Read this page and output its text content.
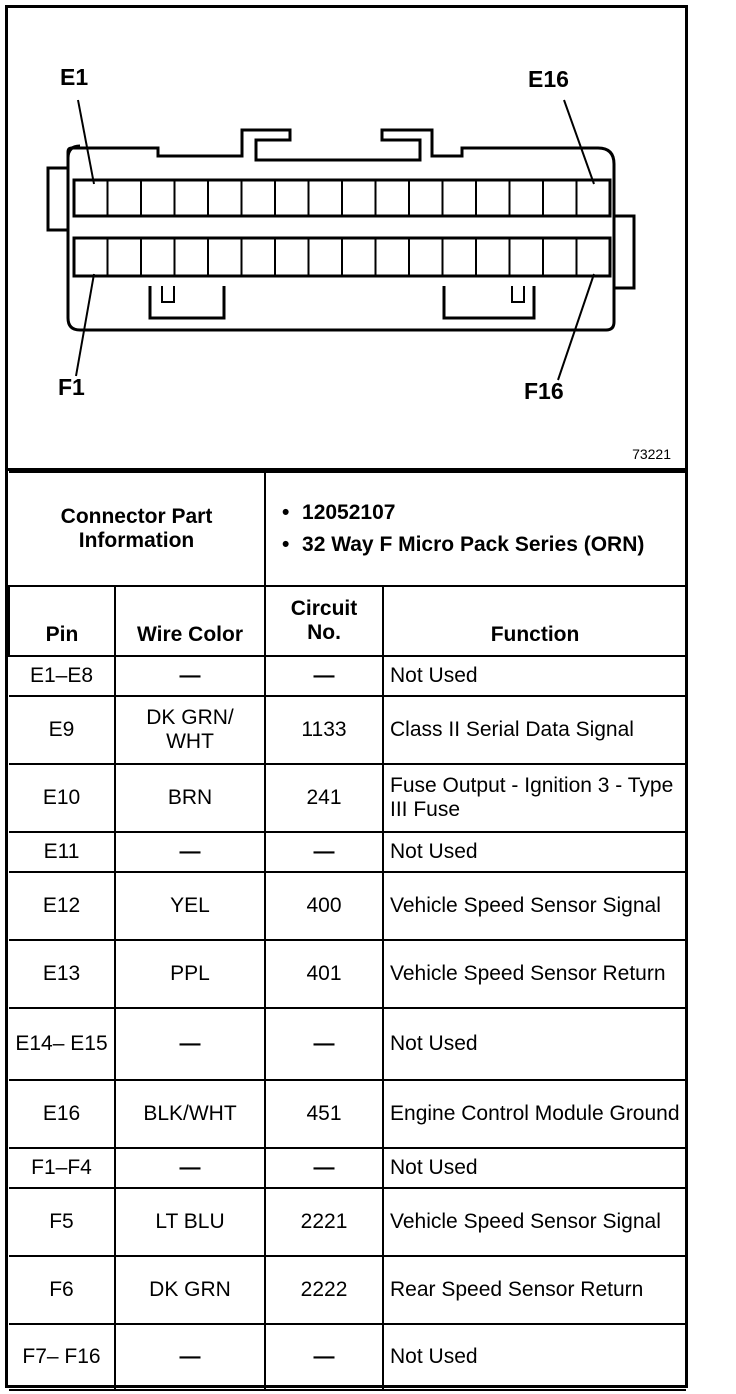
E1	E16
F1	F16
73221
Connector Part Information		• 12052107
• 32 Way F Micro Pack Series (ORN)

Pin	Wire Color	Circuit No.	Function
E1–E8	—	—	Not Used
E9	DK GRN/ WHT	1133	Class II Serial Data Signal
E10	BRN	241	Fuse Output - Ignition 3 - Type III Fuse
E11	—	—	Not Used
E12	YEL	400	Vehicle Speed Sensor Signal
E13	PPL	401	Vehicle Speed Sensor Return
E14– E15	—	—	Not Used
E16	BLK/WHT	451	Engine Control Module Ground
F1–F4	—	—	Not Used
F5	LT BLU	2221	Vehicle Speed Sensor Signal
F6	DK GRN	2222	Rear Speed Sensor Return
F7– F16	—	—	Not Used
